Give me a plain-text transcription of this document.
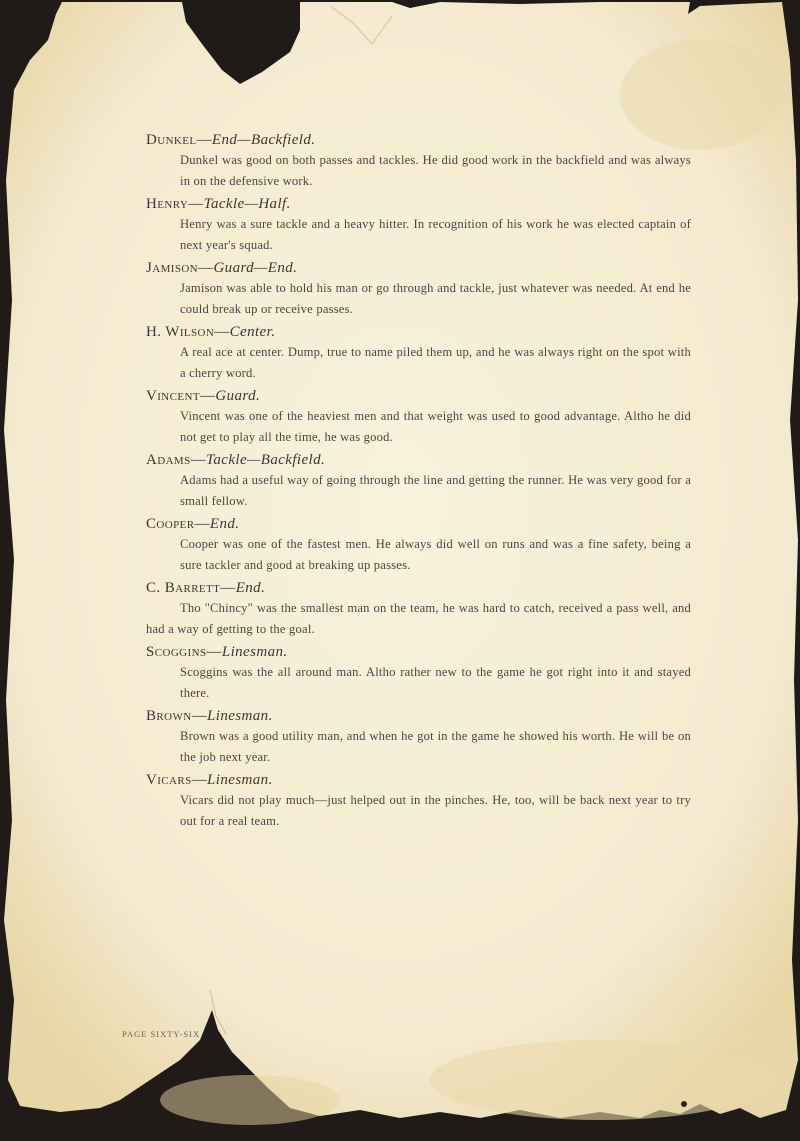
Dunkel—End—Backfield.
Dunkel was good on both passes and tackles. He did good work in the backfield and was always in on the defensive work.
Henry—Tackle—Half.
Henry was a sure tackle and a heavy hitter. In recognition of his work he was elected captain of next year's squad.
Jamison—Guard—End.
Jamison was able to hold his man or go through and tackle, just whatever was needed. At end he could break up or receive passes.
H. Wilson—Center.
A real ace at center. Dump, true to name piled them up, and he was always right on the spot with a cherry word.
Vincent—Guard.
Vincent was one of the heaviest men and that weight was used to good advantage. Altho he did not get to play all the time, he was good.
Adams—Tackle—Backfield.
Adams had a useful way of going through the line and getting the runner. He was very good for a small fellow.
Cooper—End.
Cooper was one of the fastest men. He always did well on runs and was a fine safety, being a sure tackler and good at breaking up passes.
C. Barrett—End.
Tho "Chincy" was the smallest man on the team, he was hard to catch, received a pass well, and had a way of getting to the goal.
Scoggins—Linesman.
Scoggins was the all around man. Altho rather new to the game he got right into it and stayed there.
Brown—Linesman.
Brown was a good utility man, and when he got in the game he showed his worth. He will be on the job next year.
Vicars—Linesman.
Vicars did not play much—just helped out in the pinches. He, too, will be back next year to try out for a real team.
PAGE SIXTY-SIX
